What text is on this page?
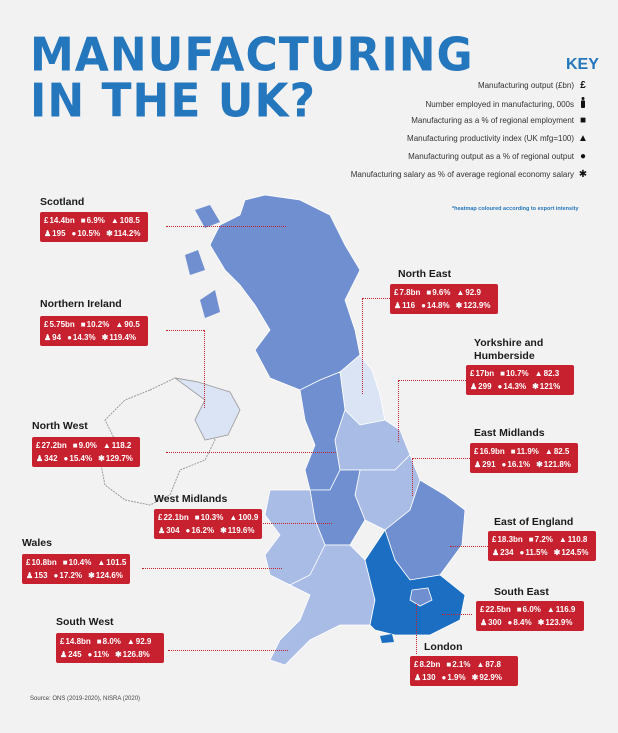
MANUFACTURING
IN THE UK?
KEY
Manufacturing output (£bn) £
Number employed in manufacturing, 000s
Manufacturing as a % of regional employment ■
Manufacturing productivity index (UK mfg=100) ▲
Manufacturing output as a % of regional output ●
Manufacturing salary as % of average regional economy salary ✱
*heatmap coloured according to export intensity
Scotland
£14.4bn ■6.9% ▲108.5
♟195 ●10.5% ✱114.2%
Northern Ireland
£5.75bn ■10.2% ▲90.5
♟94 ●14.3% ✱119.4%
North West
£27.2bn ■9.0% ▲118.2
♟342 ●15.4% ✱129.7%
West Midlands
£22.1bn ■10.3% ▲100.9
♟304 ●16.2% ✱119.6%
Wales
£10.8bn ■10.4% ▲101.5
♟153 ●17.2% ✱124.6%
South West
£14.8bn ■8.0% ▲92.9
♟245 ●11% ✱126.8%
North East
£7.8bn ■9.6% ▲92.9
♟116 ●14.8% ✱123.9%
Yorkshire and
Humberside
£17bn ■10.7% ▲82.3
♟299 ●14.3% ✱121%
East Midlands
£16.9bn ■11.9% ▲82.5
♟291 ●16.1% ✱121.8%
East of England
£18.3bn ■7.2% ▲110.8
♟234 ●11.5% ✱124.5%
South East
£22.5bn ■6.0% ▲116.9
♟300 ●8.4% ✱123.9%
London
£8.2bn ■2.1% ▲87.8
♟130 ●1.9% ✱92.9%
Source: ONS (2019-2020), NISRA (2020)
